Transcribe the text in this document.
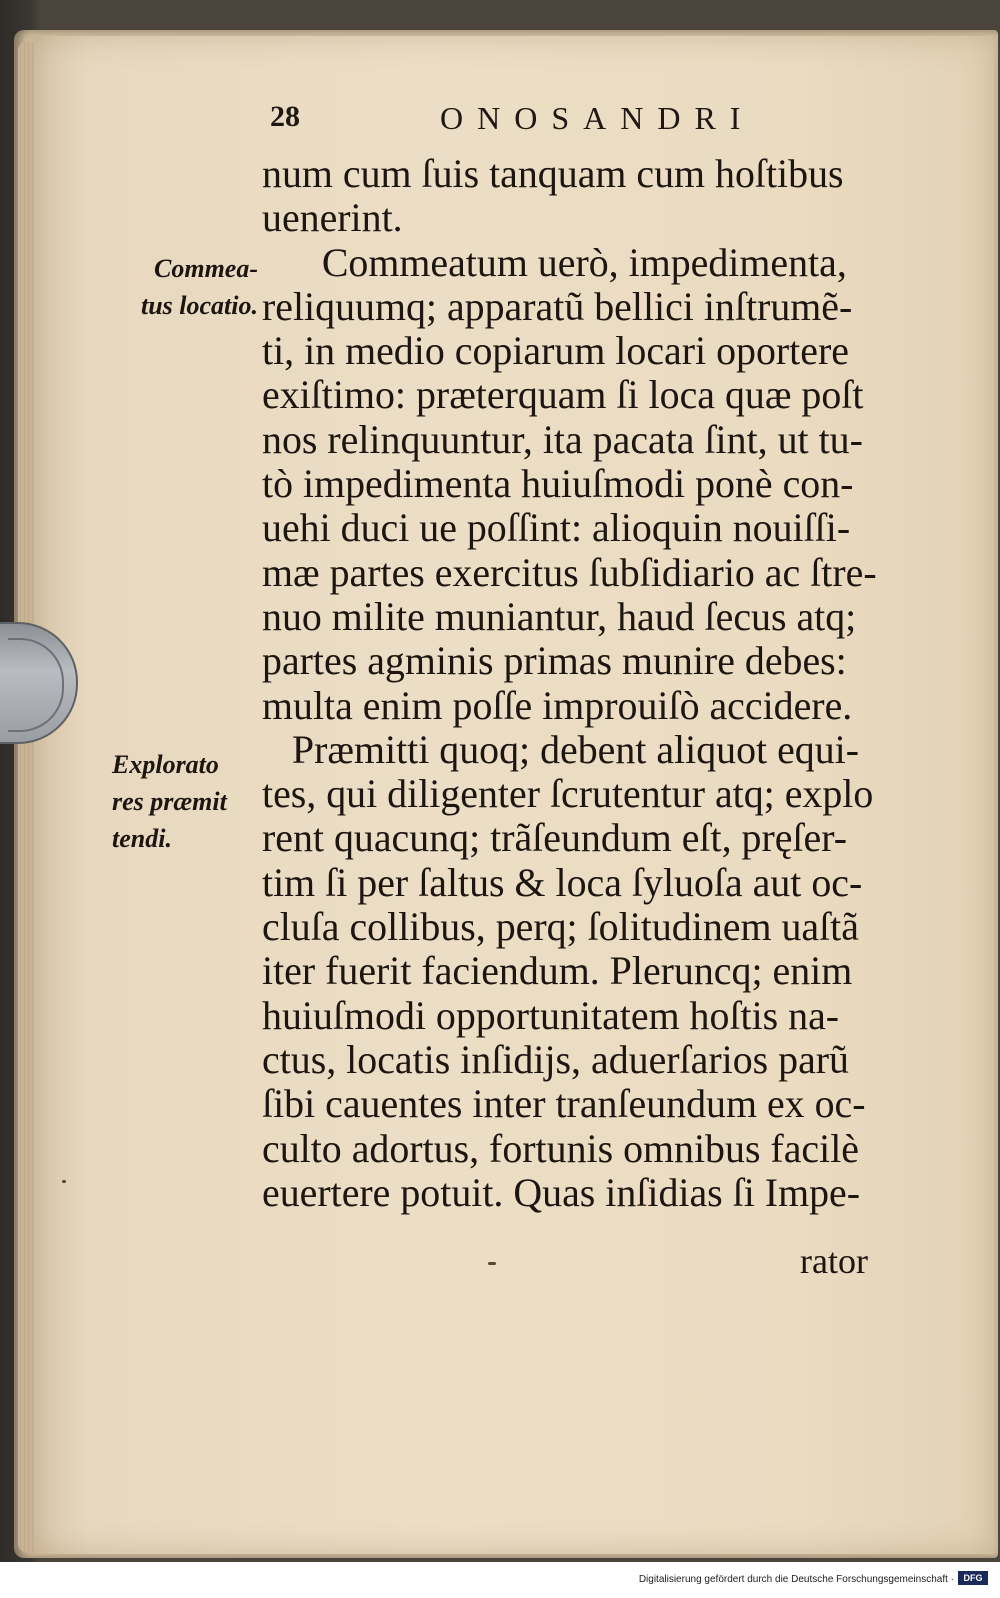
28	ONOSANDRI
num cum ſuis tanquam cum hoſtibus
uenerint.
Commeatum uerò, impedimenta,
reliquumq; apparatũ bellici inſtrumẽ-
ti, in medio copiarum locari oportere
exiſtimo: præterquam ſi loca quæ poſt
nos relinquuntur, ita pacata ſint, ut tu-
tò impedimenta huiuſmodi ponè con-
uehi duci ue poſſint: alioquin nouiſſi-
mæ partes exercitus ſubſidiario ac ſtre-
nuo milite muniantur, haud ſecus atq;
partes agminis primas munire debes:
multa enim poſſe improuiſò accidere.
Præmitti quoq; debent aliquot equi-
tes, qui diligenter ſcrutentur atq; explo
rent quacunq; trãſeundum eſt, pręſer-
tim ſi per ſaltus & loca ſyluoſa aut oc-
cluſa collibus, perq; ſolitudinem uaſtã
iter fuerit faciendum. Pleruncq; enim
huiuſmodi opportunitatem hoſtis na-
ctus, locatis inſidijs, aduerſarios parũ
ſibi cauentes inter tranſeundum ex oc-
culto adortus, fortunis omnibus facilè
euertere potuit. Quas inſidias ſi Impe-
rator
Commea-
tus locatio.
Explorato
res præmit
tendi.
Digitalisierung gefördert durch die Deutsche Forschungsgemeinschaft ·	DFG
